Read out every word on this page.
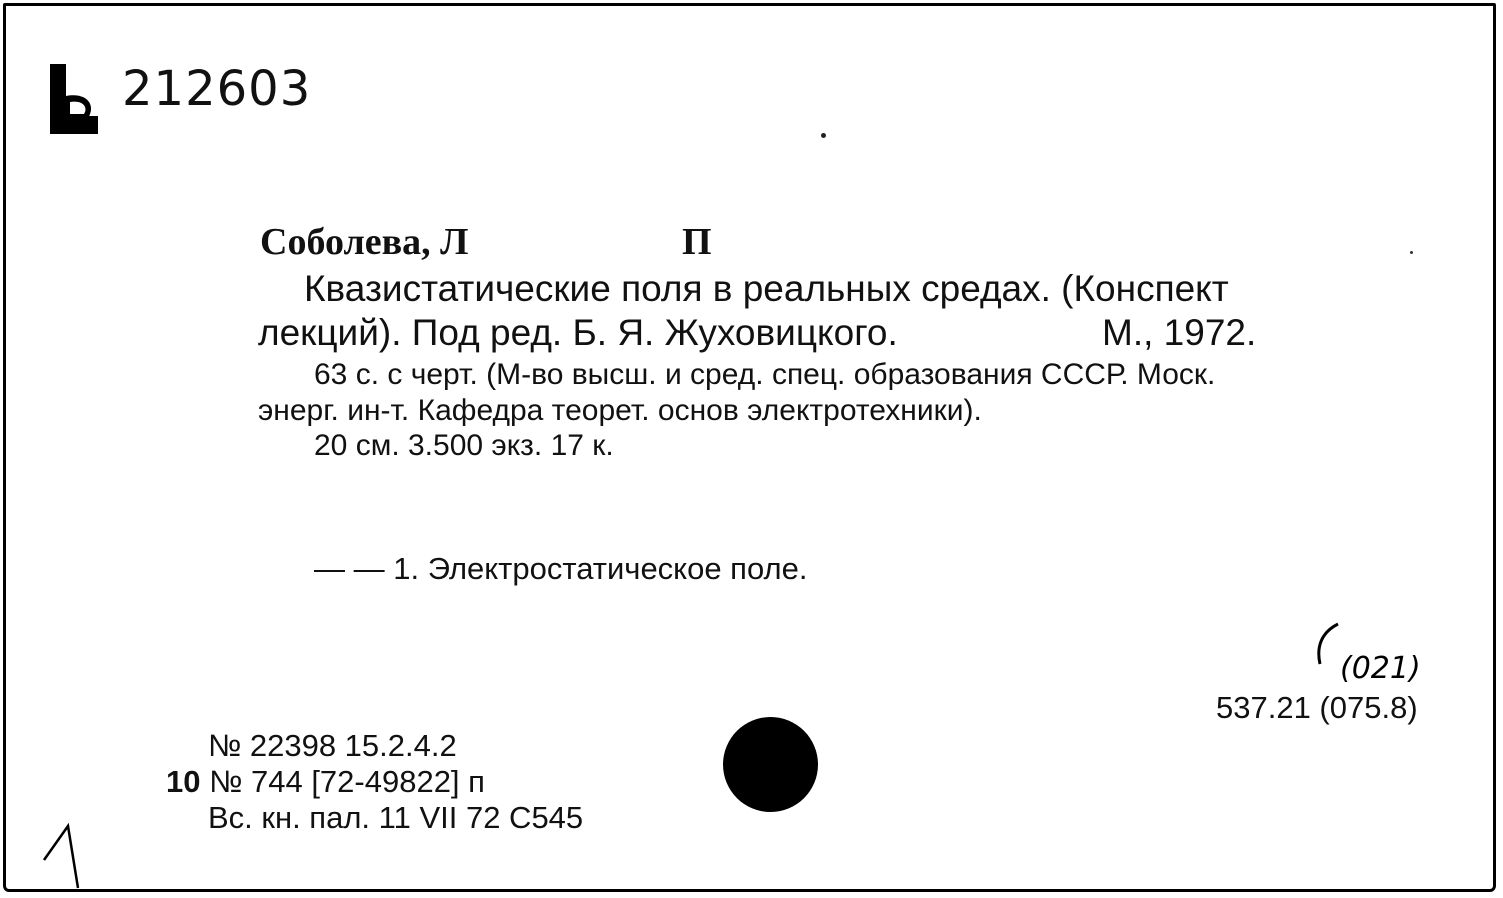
212603
Соболева, Л	П
Квазистатические поля в реальных средах. (Конспект
лекций). Под ред. Б. Я. Жуховицкого.	М., 1972.
63 с. с черт. (М-во высш. и сред. спец. образования СССР. Моск.
энерг. ин-т. Кафедра теорет. основ электротехники).
20 см. 3.500 экз. 17 к.
— — 1. Электростатическое поле.
(021)
537.21 (075.8)
№ 22398 15.2.4.2
10 № 744 [72-49822] п
Вс. кн. пал. 11 VII 72 С545
1
